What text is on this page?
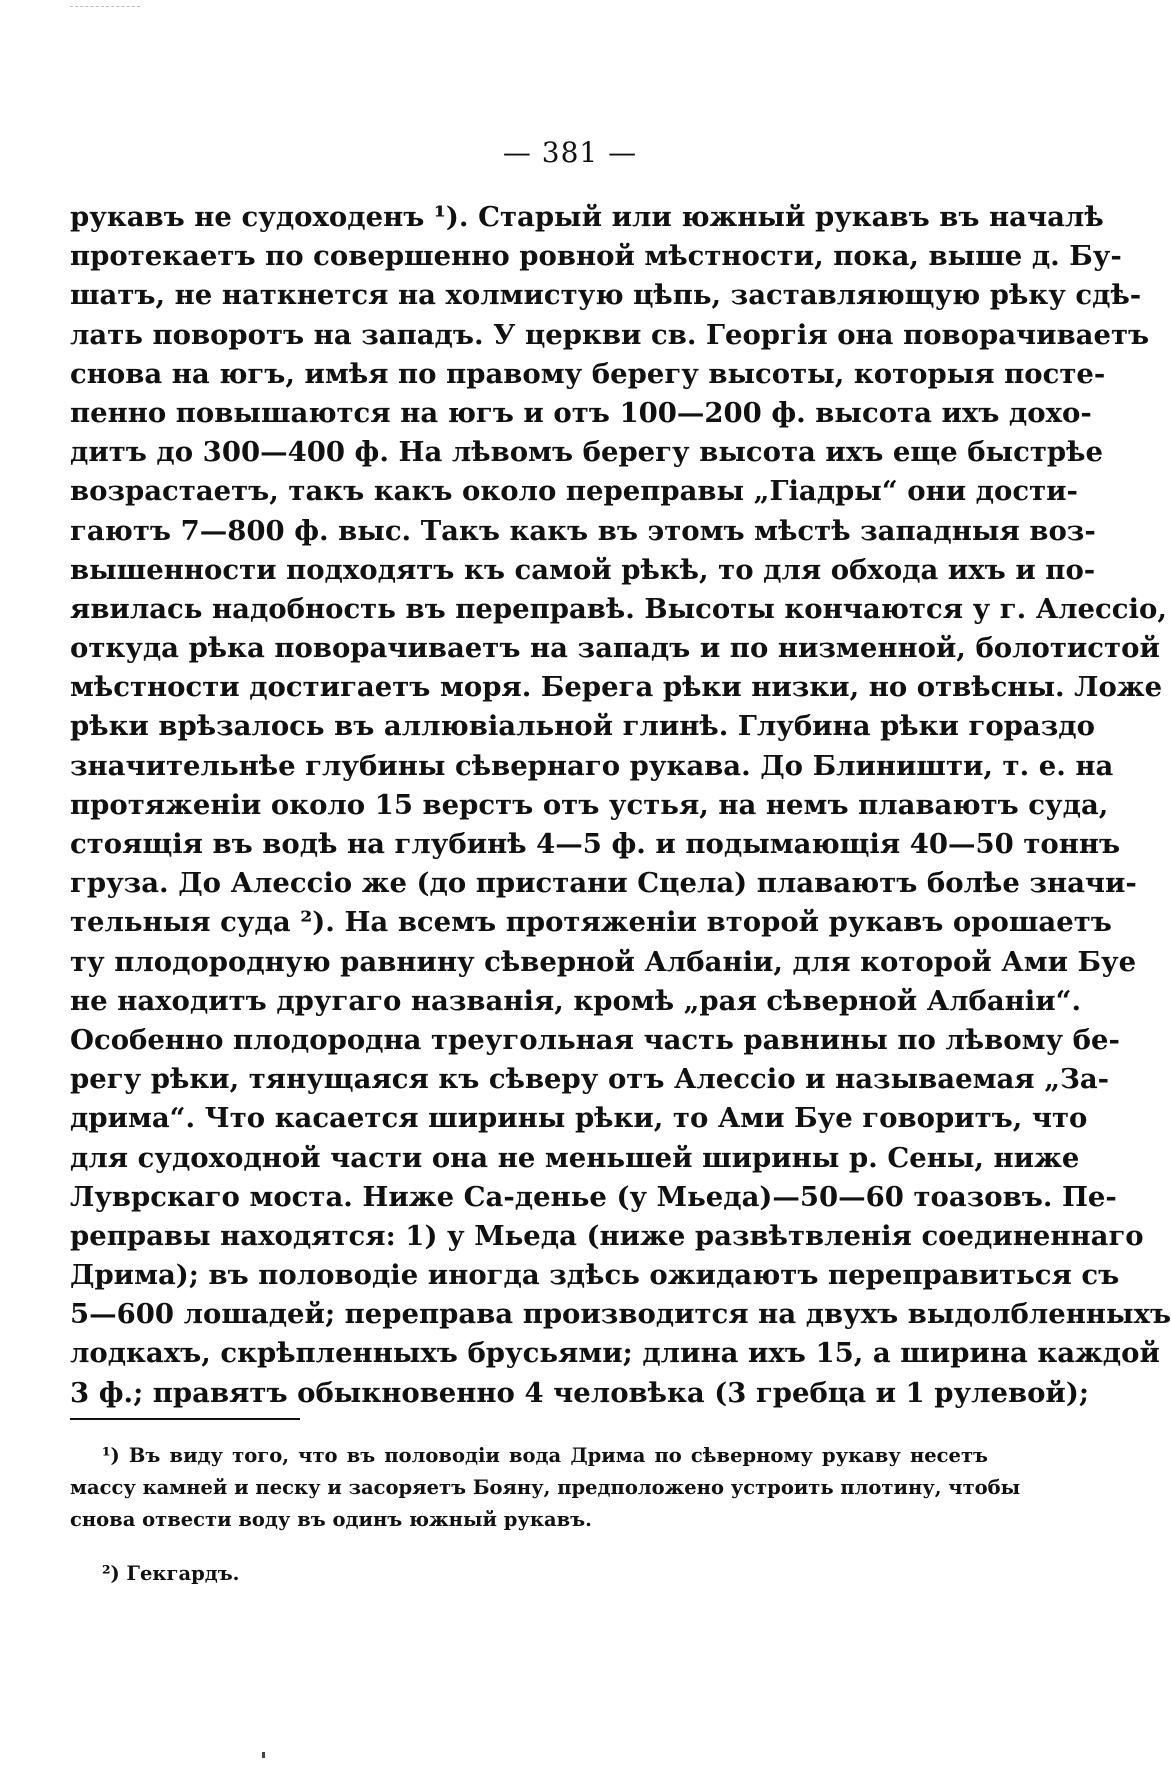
— 381 —
рукавъ не судоходенъ ¹). Старый или южный рукавъ въ началѣ
протекаетъ по совершенно ровной мѣстности, пока, выше д. Бу-
шатъ, не наткнется на холмистую цѣпь, заставляющую рѣку сдѣ-
лать поворотъ на западъ. У церкви св. Георгія она поворачиваетъ
снова на югъ, имѣя по правому берегу высоты, которыя посте-
пенно повышаются на югъ и отъ 100—200 ф. высота ихъ дохо-
дитъ до 300—400 ф. На лѣвомъ берегу высота ихъ еще быстрѣе
возрастаетъ, такъ какъ около переправы „Гіадры“ они дости-
гаютъ 7—800 ф. выс. Такъ какъ въ этомъ мѣстѣ западныя воз-
вышенности подходятъ къ самой рѣкѣ, то для обхода ихъ и по-
явилась надобность въ переправѣ. Высоты кончаются у г. Алессіо,
откуда рѣка поворачиваетъ на западъ и по низменной, болотистой
мѣстности достигаетъ моря. Берега рѣки низки, но отвѣсны. Ложе
рѣки врѣзалось въ аллювіальной глинѣ. Глубина рѣки гораздо
значительнѣе глубины сѣвернаго рукава. До Блиништи, т. е. на
протяженіи около 15 верстъ отъ устья, на немъ плаваютъ суда,
стоящія въ водѣ на глубинѣ 4—5 ф. и подымающія 40—50 тоннъ
груза. До Алессіо же (до пристани Сцела) плаваютъ болѣе значи-
тельныя суда ²). На всемъ протяженіи второй рукавъ орошаетъ
ту плодородную равнину сѣверной Албаніи, для которой Ами Буе
не находитъ другаго названія, кромѣ „рая сѣверной Албаніи“.
Особенно плодородна треугольная часть равнины по лѣвому бе-
регу рѣки, тянущаяся къ сѣверу отъ Алессіо и называемая „За-
дрима“. Что касается ширины рѣки, то Ами Буе говоритъ, что
для судоходной части она не меньшей ширины р. Сены, ниже
Луврскаго моста. Ниже Са-денье (у Мьеда)—50—60 тоазовъ. Пе-
реправы находятся: 1) у Мьеда (ниже развѣтвленія соединеннаго
Дрима); въ половодіе иногда здѣсь ожидаютъ переправиться съ
5—600 лошадей; переправа производится на двухъ выдолбленныхъ
лодкахъ, скрѣпленныхъ брусьями; длина ихъ 15, а ширина каждой
3 ф.; правятъ обыкновенно 4 человѣка (3 гребца и 1 рулевой);
¹) Въ виду того, что въ половодіи вода Дрима по сѣверному рукаву несетъ
массу камней и песку и засоряетъ Бояну, предположено устроить плотину, чтобы
снова отвести воду въ одинъ южный рукавъ.
²) Гекгардъ.
